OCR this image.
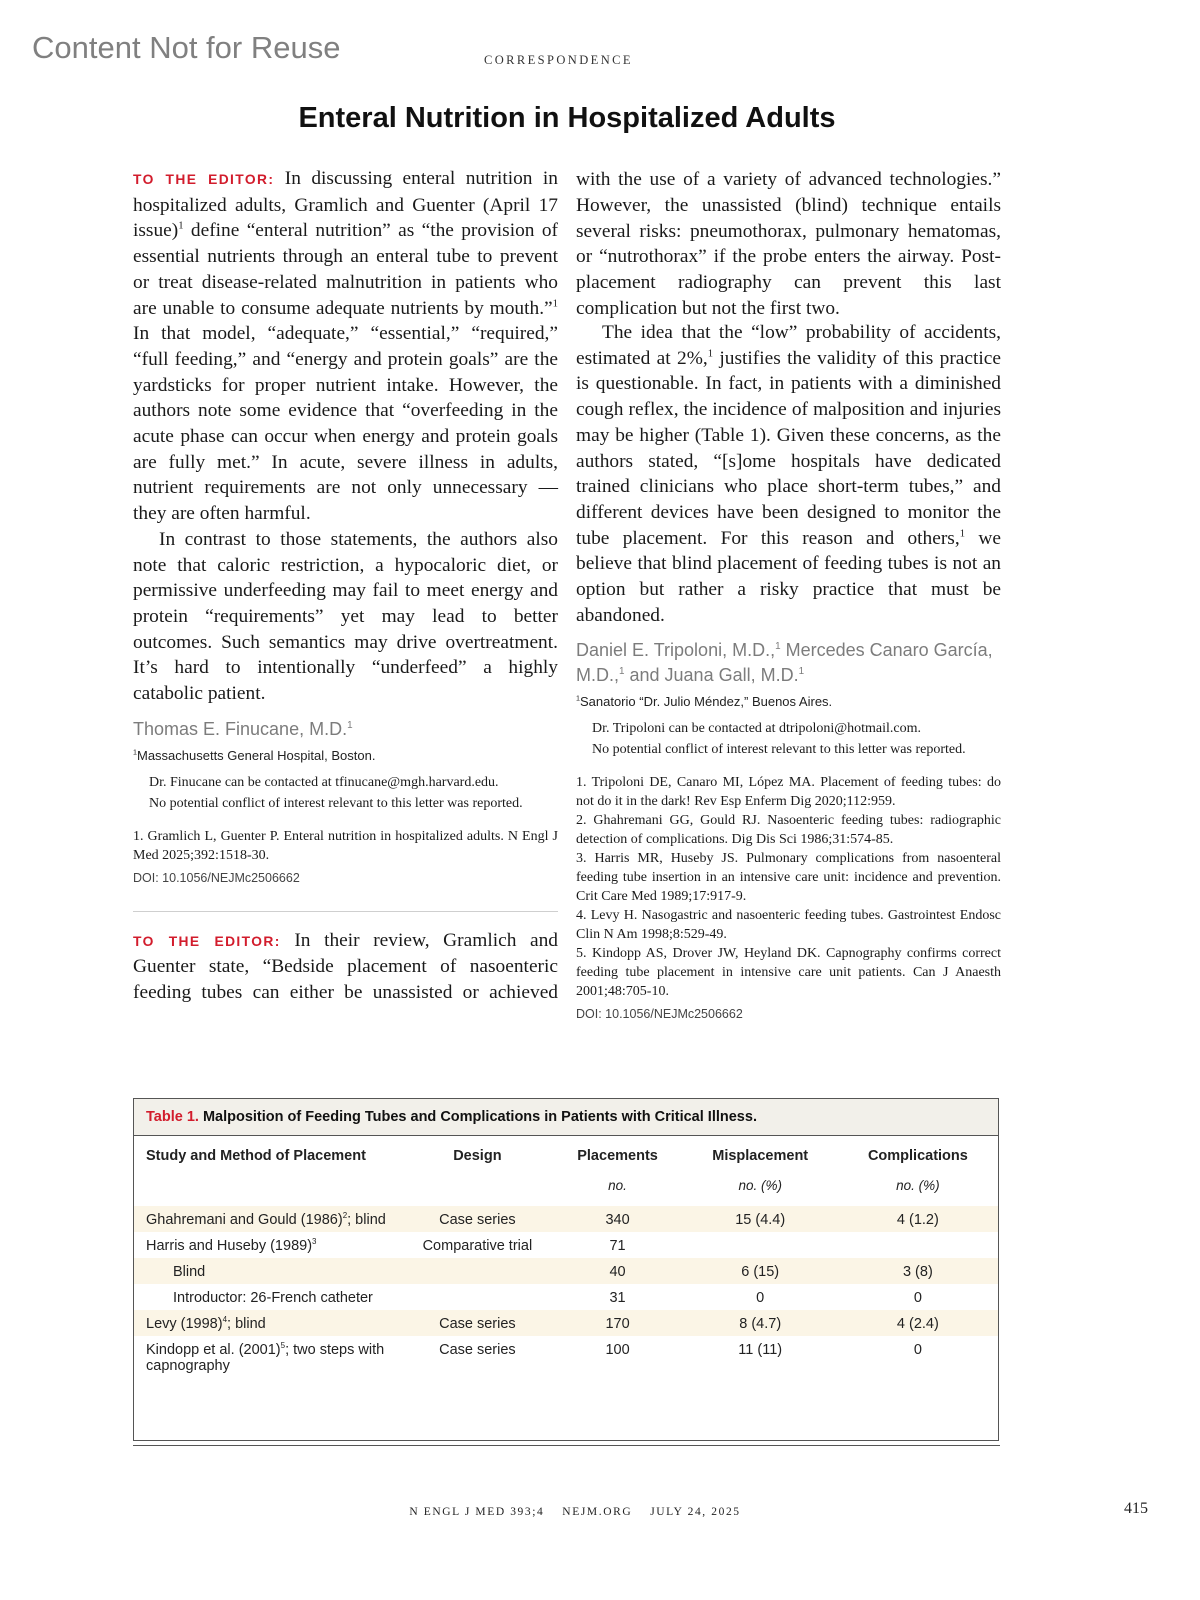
Content Not for Reuse	CORRESPONDENCE
Enteral Nutrition in Hospitalized Adults

TO THE EDITOR: In discussing enteral nutrition in hospitalized adults, Gramlich and Guenter (April 17 issue)$^1$ define “enteral nutrition” as “the provision of essential nutrients through an enteral tube to prevent or treat disease-related malnutrition in patients who are unable to consume adequate nutrients by mouth.”$^1$ In that model, “adequate,” “essential,” “required,” “full feeding,” and “energy and protein goals” are the yardsticks for proper nutrient intake. However, the authors note some evidence that “overfeeding in the acute phase can occur when energy and protein goals are fully met.” In acute, severe illness in adults, nutrient requirements are not only unnecessary — they are often harmful.

In contrast to those statements, the authors also note that caloric restriction, a hypocaloric diet, or permissive underfeeding may fail to meet energy and protein “requirements” yet may lead to better outcomes. Such semantics may drive overtreatment. It’s hard to intentionally “underfeed” a highly catabolic patient.

Thomas E. Finucane, M.D.$^1$
$^1$Massachusetts General Hospital, Boston.

Dr. Finucane can be contacted at tfinucane@mgh.harvard.edu.

No potential conflict of interest relevant to this letter was reported.

1. Gramlich L, Guenter P. Enteral nutrition in hospitalized adults. N Engl J Med 2025;392:1518-30.

DOI: 10.1056/NEJMc2506662

TO THE EDITOR: In their review, Gramlich and Guenter state, “Bedside placement of nasoenteric feeding tubes can either be unassisted or achieved

with the use of a variety of advanced technologies.” However, the unassisted (blind) technique entails several risks: pneumothorax, pulmonary hematomas, or “nutrothorax” if the probe enters the airway. Post-placement radiography can prevent this last complication but not the first two.

The idea that the “low” probability of accidents, estimated at 2%,$^1$ justifies the validity of this practice is questionable. In fact, in patients with a diminished cough reflex, the incidence of malposition and injuries may be higher (Table 1). Given these concerns, as the authors stated, “[s]ome hospitals have dedicated trained clinicians who place short-term tubes,” and different devices have been designed to monitor the tube placement. For this reason and others,$^1$ we believe that blind placement of feeding tubes is not an option but rather a risky practice that must be abandoned.

Daniel E. Tripoloni, M.D.,$^1$ Mercedes Canaro García, M.D.,$^1$ and Juana Gall, M.D.$^1$
$^1$Sanatorio “Dr. Julio Méndez,” Buenos Aires.

Dr. Tripoloni can be contacted at dtripoloni@hotmail.com.

No potential conflict of interest relevant to this letter was reported.

1. Tripoloni DE, Canaro MI, López MA. Placement of feeding tubes: do not do it in the dark! Rev Esp Enferm Dig 2020;112:959.

2. Ghahremani GG, Gould RJ. Nasoenteric feeding tubes: radiographic detection of complications. Dig Dis Sci 1986;31:574-85.

3. Harris MR, Huseby JS. Pulmonary complications from nasoenteral feeding tube insertion in an intensive care unit: incidence and prevention. Crit Care Med 1989;17:917-9.

4. Levy H. Nasogastric and nasoenteric feeding tubes. Gastrointest Endosc Clin N Am 1998;8:529-49.

5. Kindopp AS, Drover JW, Heyland DK. Capnography confirms correct feeding tube placement in intensive care unit patients. Can J Anaesth 2001;48:705-10.

DOI: 10.1056/NEJMc2506662

Table 1. Malposition of Feeding Tubes and Complications in Patients with Critical Illness.
Study and Method of Placement	Design	Placements	Misplacement	Complications
		no.	no. (%)	no. (%)
Ghahremani and Gould $(1986)^2$; blind	Case series	340	15 (4.4)	4 (1.2)
Harris and Huseby $(1989)^3$	Comparative trial	71		
Blind		40	6 (15)	3 (8)
Introductor: 26-French catheter		31	0	0
Levy $(1998)^4$; blind	Case series	170	8 (4.7)	4 (2.4)
Kindopp et al. $(2001)^5$; two steps with capnography	Case series	100	11 (11)	0
N ENGL J MED 393;4    NEJM.ORG    JULY 24, 2025	415
